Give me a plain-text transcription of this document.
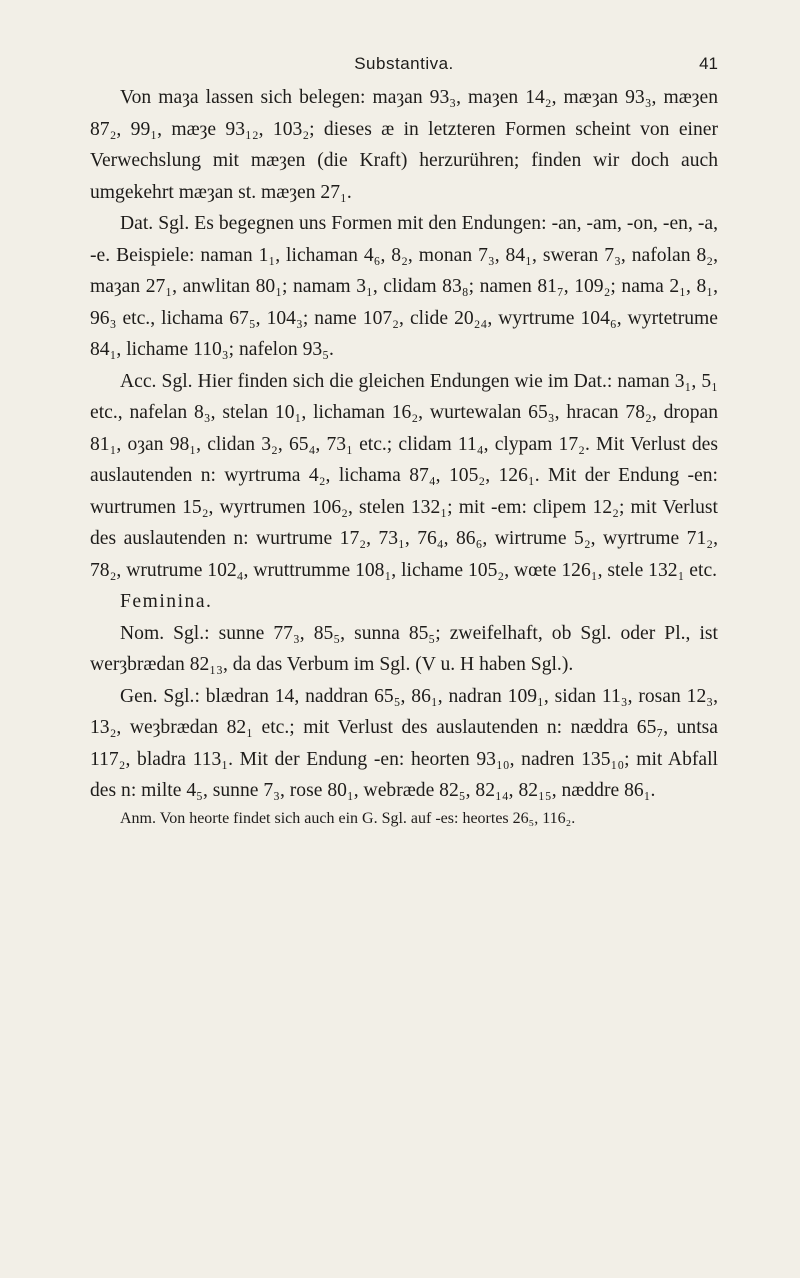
Substantiva.	41

Von maȝa lassen sich belegen: maȝan 93₃, maȝen 14₂, mæȝan 93₃, mæȝen 87₂, 99₁, mæȝe 93₁₂, 103₂; dieses æ in letzteren Formen scheint von einer Verwechslung mit mæȝen (die Kraft) herzurühren; finden wir doch auch umgekehrt mæȝan st. mæȝen 27₁.

Dat. Sgl. Es begegnen uns Formen mit den Endungen: -an, -am, -on, -en, -a, -e. Beispiele: naman 1₁, lichaman 4₆, 8₂, monan 7₃, 84₁, sweran 7₃, nafolan 8₂, maȝan 27₁, anwlitan 80₁; namam 3₁, clidam 83₈; namen 81₇, 109₂; nama 2₁, 8₁, 96₃ etc., lichama 67₅, 104₃; name 107₂, clide 20₂₄, wyrtrume 104₆, wyrtetrume 84₁, lichame 110₃; nafelon 93₅.

Acc. Sgl. Hier finden sich die gleichen Endungen wie im Dat.: naman 3₁, 5₁ etc., nafelan 8₃, stelan 10₁, lichaman 16₂, wurtewalan 65₃, hracan 78₂, dropan 81₁, oȝan 98₁, clidan 3₂, 65₄, 73₁ etc.; clidam 11₄, clypam 17₂. Mit Verlust des auslautenden n: wyrtruma 4₂, lichama 87₄, 105₂, 126₁. Mit der Endung -en: wurtrumen 15₂, wyrtrumen 106₂, stelen 132₁; mit -em: clipem 12₂; mit Verlust des auslautenden n: wurtrume 17₂, 73₁, 76₄, 86₆, wirtrume 5₂, wyrtrume 71₂, 78₂, wrutrume 102₄, wruttrumme 108₁, lichame 105₂, wœte 126₁, stele 132₁ etc.

Feminina.

Nom. Sgl.: sunne 77₃, 85₅, sunna 85₅; zweifelhaft, ob Sgl. oder Pl., ist werȝbrædan 82₁₃, da das Verbum im Sgl. (V u. H haben Sgl.).

Gen. Sgl.: blædran 14, naddran 65₅, 86₁, nadran 109₁, sidan 11₃, rosan 12₃, 13₂, weȝbrædan 82₁ etc.; mit Verlust des auslautenden n: næddra 65₇, untsa 117₂, bladra 113₁. Mit der Endung -en: heorten 93₁₀, nadren 135₁₀; mit Abfall des n: milte 4₅, sunne 7₃, rose 80₁, webræde 82₅, 82₁₄, 82₁₅, næddre 86₁.

Anm. Von heorte findet sich auch ein G. Sgl. auf -es: heortes 26₅, 116₂.
